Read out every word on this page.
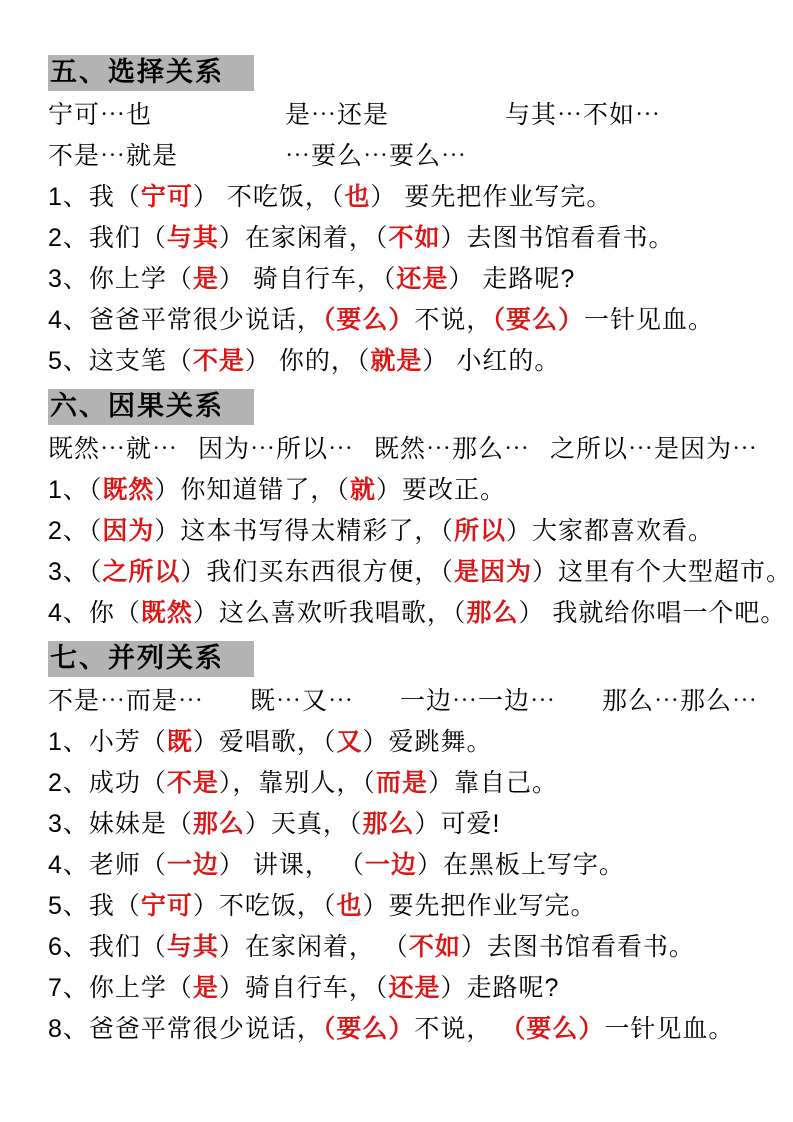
五、选择关系
宁可⋯也	是⋯还是	与其⋯不如⋯
不是⋯就是	⋯要么⋯要么⋯
1、我（宁可） 不吃饭，（也） 要先把作业写完。
2、我们（与其）在家闲着，（不如）去图书馆看看书。
3、你上学（是） 骑自行车，（还是） 走路呢?
4、爸爸平常很少说话，（要么）不说，（要么）一针见血。
5、这支笔（不是） 你的，（就是） 小红的。
六、因果关系
既然⋯就⋯ 因为⋯所以⋯ 既然⋯那么⋯ 之所以⋯是因为⋯
1、（既然）你知道错了，（就）要改正。
2、（因为）这本书写得太精彩了，（所以）大家都喜欢看。
3、（之所以）我们买东西很方便，（是因为）这里有个大型超市。
4、你（既然）这么喜欢听我唱歌，（那么） 我就给你唱一个吧。
七、并列关系
不是⋯而是⋯ 既⋯又⋯ 一边⋯一边⋯ 那么⋯那么⋯
1、小芳（既）爱唱歌，（又）爱跳舞。
2、成功（不是），靠别人，（而是）靠自己。
3、妹妹是（那么）天真，（那么）可爱!
4、老师（一边） 讲课， （一边）在黑板上写字。
5、我（宁可）不吃饭，（也）要先把作业写完。
6、我们（与其）在家闲着， （不如）去图书馆看看书。
7、你上学（是）骑自行车，（还是）走路呢?
8、爸爸平常很少说话，（要么）不说， （要么）一针见血。
